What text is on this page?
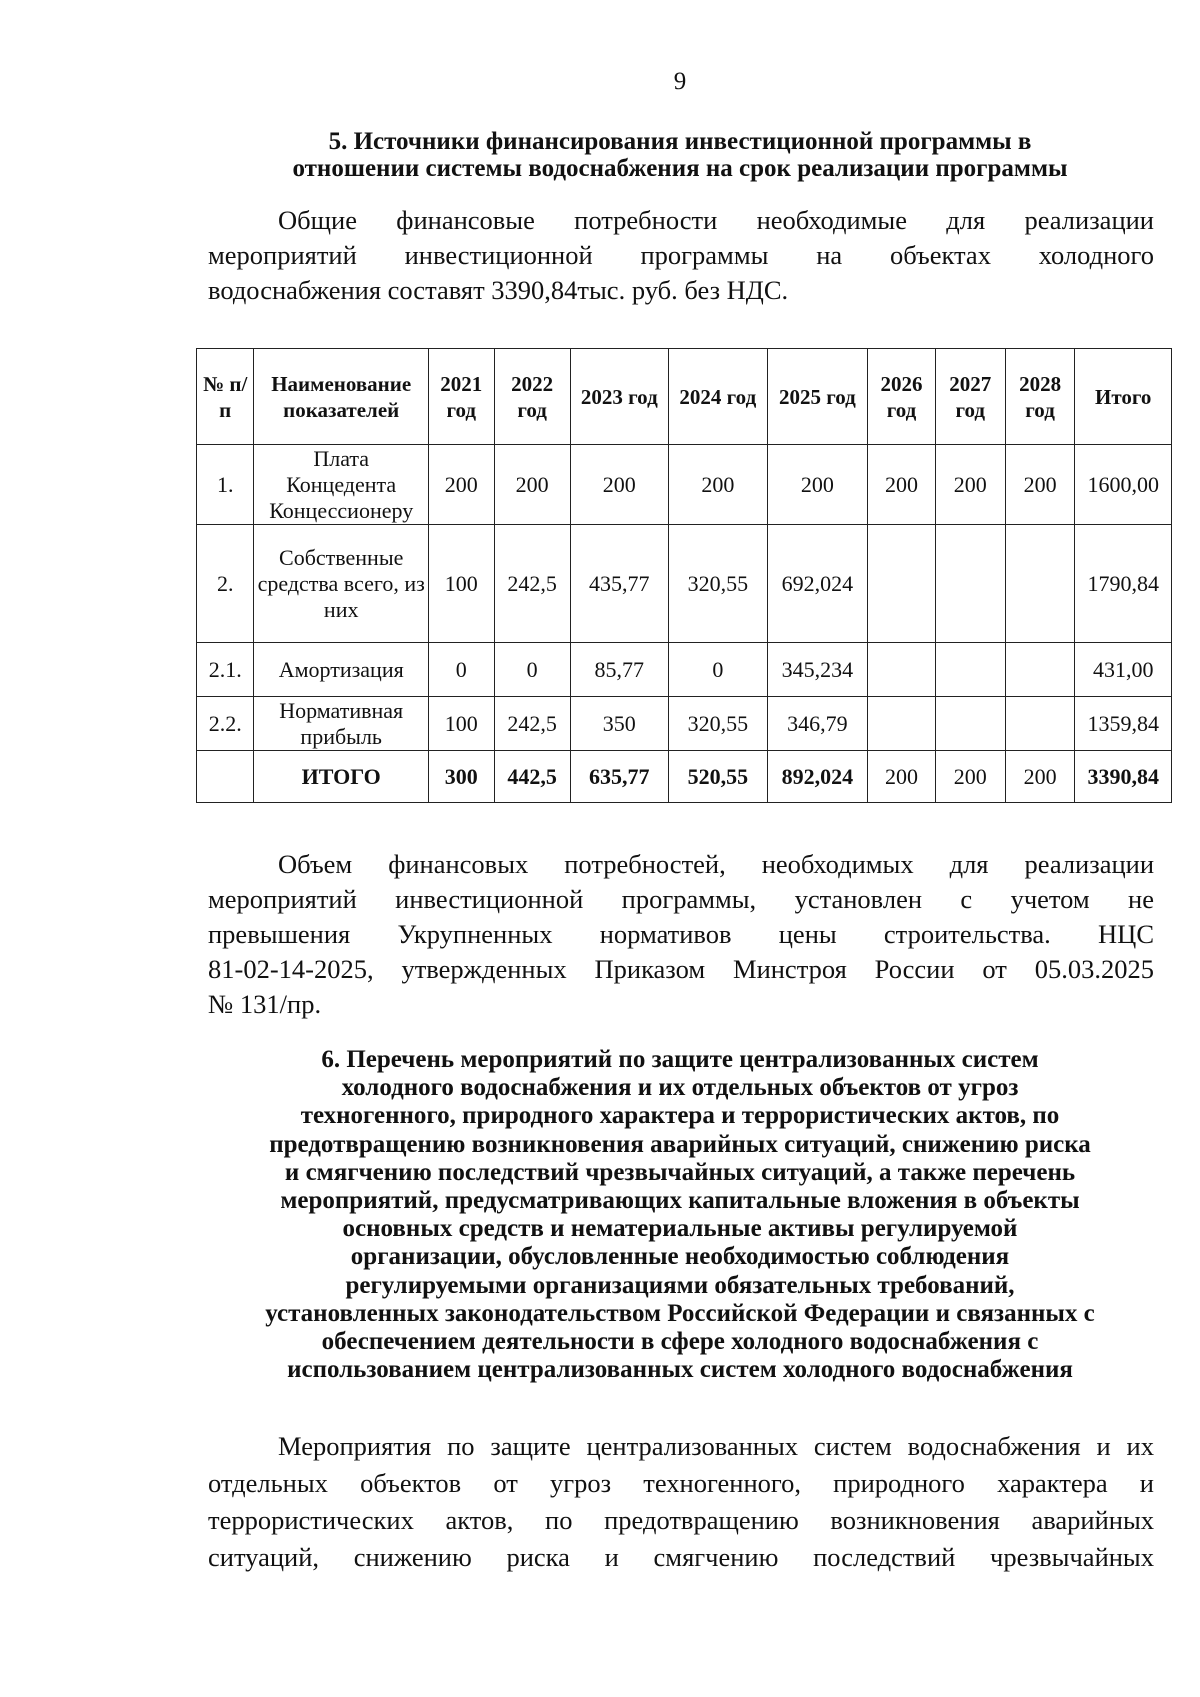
9
5. Источники финансирования инвестиционной программы в
отношении системы водоснабжения на срок реализации программы
Общие финансовые потребности необходимые для реализации
мероприятий инвестиционной программы на объектах холодного
водоснабжения составят 3390,84тыс. руб. без НДС.
№ п/п	Наименование показателей	2021 год	2022 год	2023 год	2024 год	2025 год	2026 год	2027 год	2028 год	Итого
1.	Плата Концедента Концессионеру	200	200	200	200	200	200	200	200	1600,00
2.	Собственные средства всего, из них	100	242,5	435,77	320,55	692,024				1790,84
2.1.	Амортизация	0	0	85,77	0	345,234				431,00
2.2.	Нормативная прибыль	100	242,5	350	320,55	346,79				1359,84
	ИТОГО	300	442,5	635,77	520,55	892,024	200	200	200	3390,84
Объем финансовых потребностей, необходимых для реализации
мероприятий инвестиционной программы, установлен с учетом не
превышения Укрупненных нормативов цены строительства. НЦС
81-02-14-2025, утвержденных Приказом Минстроя России от 05.03.2025
№ 131/пр.
6. Перечень мероприятий по защите централизованных систем
холодного водоснабжения и их отдельных объектов от угроз
техногенного, природного характера и террористических актов, по
предотвращению возникновения аварийных ситуаций, снижению риска
и смягчению последствий чрезвычайных ситуаций, а также перечень
мероприятий, предусматривающих капитальные вложения в объекты
основных средств и нематериальные активы регулируемой
организации, обусловленные необходимостью соблюдения
регулируемыми организациями обязательных требований,
установленных законодательством Российской Федерации и связанных с
обеспечением деятельности в сфере холодного водоснабжения с
использованием централизованных систем холодного водоснабжения
Мероприятия по защите централизованных систем водоснабжения и их
отдельных объектов от угроз техногенного, природного характера и
террористических актов, по предотвращению возникновения аварийных
ситуаций, снижению риска и смягчению последствий чрезвычайных
